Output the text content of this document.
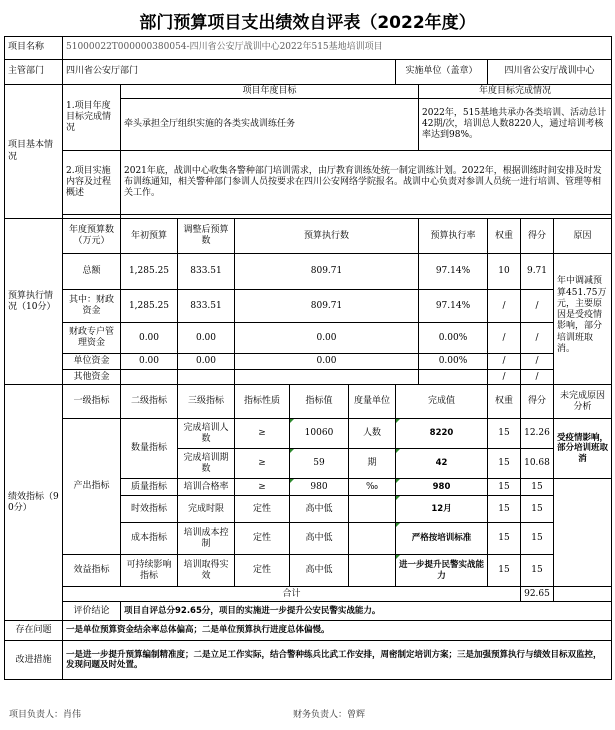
部门预算项目支出绩效自评表（2022年度）
项目名称	51000022T000000380054-四川省公安厅战训中心2022年515基地培训项目										
主管部门	四川省公安厅部门						实施单位（盖章）		四川省公安厅战训中心		
项目基本情况	1.项目年度目标完成情况	项目年度目标						年度目标完成情况			
		牵头承担全厅组织实施的各类实战训练任务						2022年，515基地共承办各类培训、活动总计42期/次，培训总人数8220人，通过培训考核率达到98%。			
	2.项目实施内容及过程概述	2021年底，战训中心收集各警种部门培训需求，由厅教育训练处统一制定训练计划。2022年，根据训练时间安排及时发布训练通知，相关警种部门参训人员按要求在四川公安网络学院报名。战训中心负责对参训人员统一进行培训、管理等相关工作。									

预算执行情况（10分）	年度预算数（万元）	年初预算	调整后预算数	预算执行数				预算执行率	权重	得分	原因
	总额	1,285.25	833.51	809.71				97.14%	10	9.71	年中调减预算451.75万元，主要原因是受疫情影响，部分培训班取消。
	其中：财政资金	1,285.25	833.51	809.71				97.14%	/	/	
	财政专户管理资金	0.00	0.00	0.00				0.00%	/	/	
	单位资金	0.00	0.00	0.00				0.00%	/	/	
	其他资金								/	/	
绩效指标（90分）	一级指标	二级指标	三级指标	指标性质	指标值	度量单位	完成值		权重	得分	未完成原因分析
	产出指标	数量指标	完成培训人数	≥	10060	人数	8220		15	12.26	受疫情影响，部分培训班取消
			完成培训期数	≥	59	期	42		15	10.68	
		质量指标	培训合格率	≥	980	‰	980		15	15	
		时效指标	完成时限	定性	高中低		12月		15	15	
		成本指标	培训成本控制	定性	高中低		严格按培训标准		15	15	
	效益指标	可持续影响指标	培训取得实效	定性	高中低		进一步提升民警实战能力		15	15	
	合计									92.65	
	评价结论	项目自评总分92.65分，项目的实施进一步提升公安民警实战能力。									
存在问题	一是单位预算资金结余率总体偏高；二是单位预算执行进度总体偏慢。										
改进措施	一是进一步提升预算编制精准度；二是立足工作实际，结合警种练兵比武工作安排，周密制定培训方案；三是加强预算执行与绩效目标双监控，发现问题及时处置。										
项目负责人：肖伟	财务负责人：曾辉
